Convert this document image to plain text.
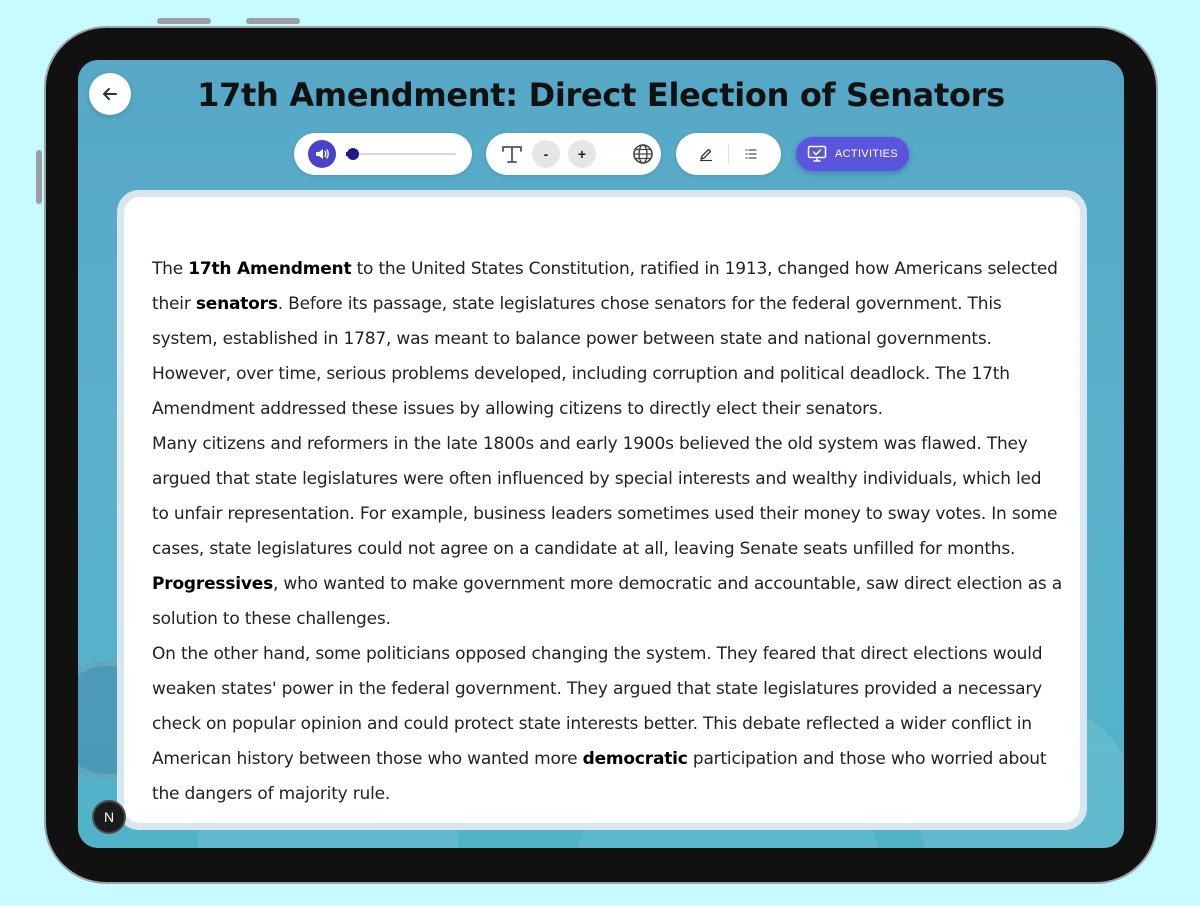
17th Amendment: Direct Election of Senators
-	+	ACTIVITIES

The 17th Amendment to the United States Constitution, ratified in 1913, changed how Americans selected their senators. Before its passage, state legislatures chose senators for the federal government. This system, established in 1787, was meant to balance power between state and national governments. However, over time, serious problems developed, including corruption and political deadlock. The 17th Amendment addressed these issues by allowing citizens to directly elect their senators.

Many citizens and reformers in the late 1800s and early 1900s believed the old system was flawed. They argued that state legislatures were often influenced by special interests and wealthy individuals, which led to unfair representation. For example, business leaders sometimes used their money to sway votes. In some cases, state legislatures could not agree on a candidate at all, leaving Senate seats unfilled for months. Progressives, who wanted to make government more democratic and accountable, saw direct election as a solution to these challenges.

On the other hand, some politicians opposed changing the system. They feared that direct elections would weaken states' power in the federal government. They argued that state legislatures provided a necessary check on popular opinion and could protect state interests better. This debate reflected a wider conflict in American history between those who wanted more democratic participation and those who worried about the dangers of majority rule.

N
